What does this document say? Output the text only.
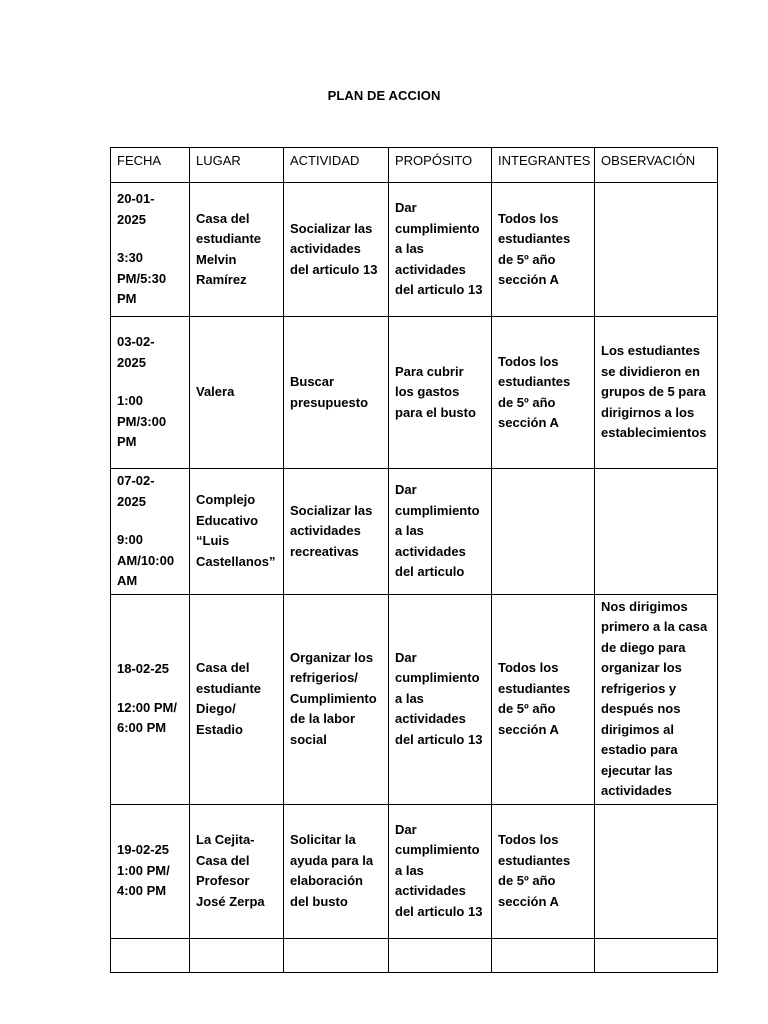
PLAN DE ACCION
FECHA	LUGAR	ACTIVIDAD	PROPÓSITO	INTEGRANTES	OBSERVACIÓN

20-01-2025
3:30 PM/5:30 PM	Casa del estudiante Melvin Ramírez	Socializar las actividades del articulo 13	Dar cumplimiento a las actividades del articulo 13	Todos los estudiantes de 5º año sección A	

03-02-2025
1:00 PM/3:00 PM	Valera	Buscar presupuesto	Para cubrir los gastos para el busto	Todos los estudiantes de 5º año sección A	Los estudiantes se dividieron en grupos de 5 para dirigirnos a los establecimientos

07-02-2025
9:00 AM/10:00 AM	Complejo Educativo “Luis Castellanos”	Socializar las actividades recreativas	Dar cumplimiento a las actividades del articulo		

18-02-25
12:00 PM/ 6:00 PM	Casa del estudiante Diego/ Estadio	Organizar los refrigerios/ Cumplimiento de la labor social	Dar cumplimiento a las actividades del articulo 13	Todos los estudiantes de 5º año sección A	Nos dirigimos primero a la casa de diego para organizar los refrigerios y después nos dirigimos al estadio para ejecutar las actividades

19-02-25
1:00 PM/ 4:00 PM	La Cejita-Casa del Profesor José Zerpa	Solicitar la ayuda para la elaboración del busto	Dar cumplimiento a las actividades del articulo 13	Todos los estudiantes de 5º año sección A	
